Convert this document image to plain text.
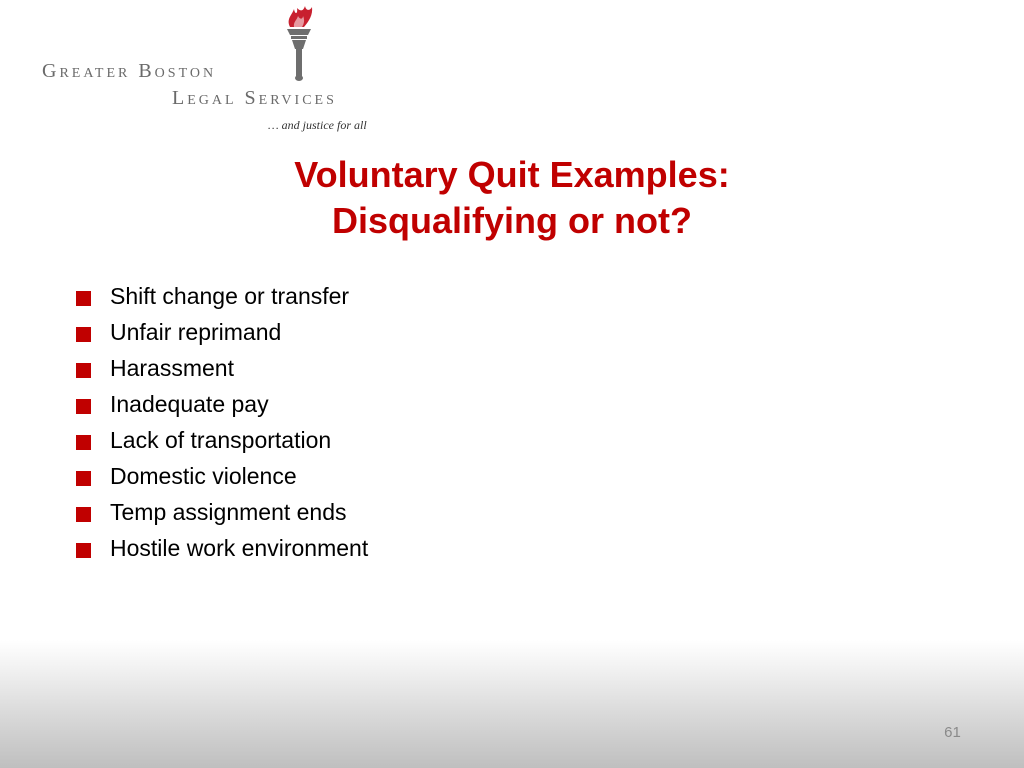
Greater Boston
Legal Services
… and justice for all
Voluntary Quit Examples:
Disqualifying or not?
Shift change or transfer
Unfair reprimand
Harassment
Inadequate pay
Lack of transportation
Domestic violence
Temp assignment ends
Hostile work environment
61
